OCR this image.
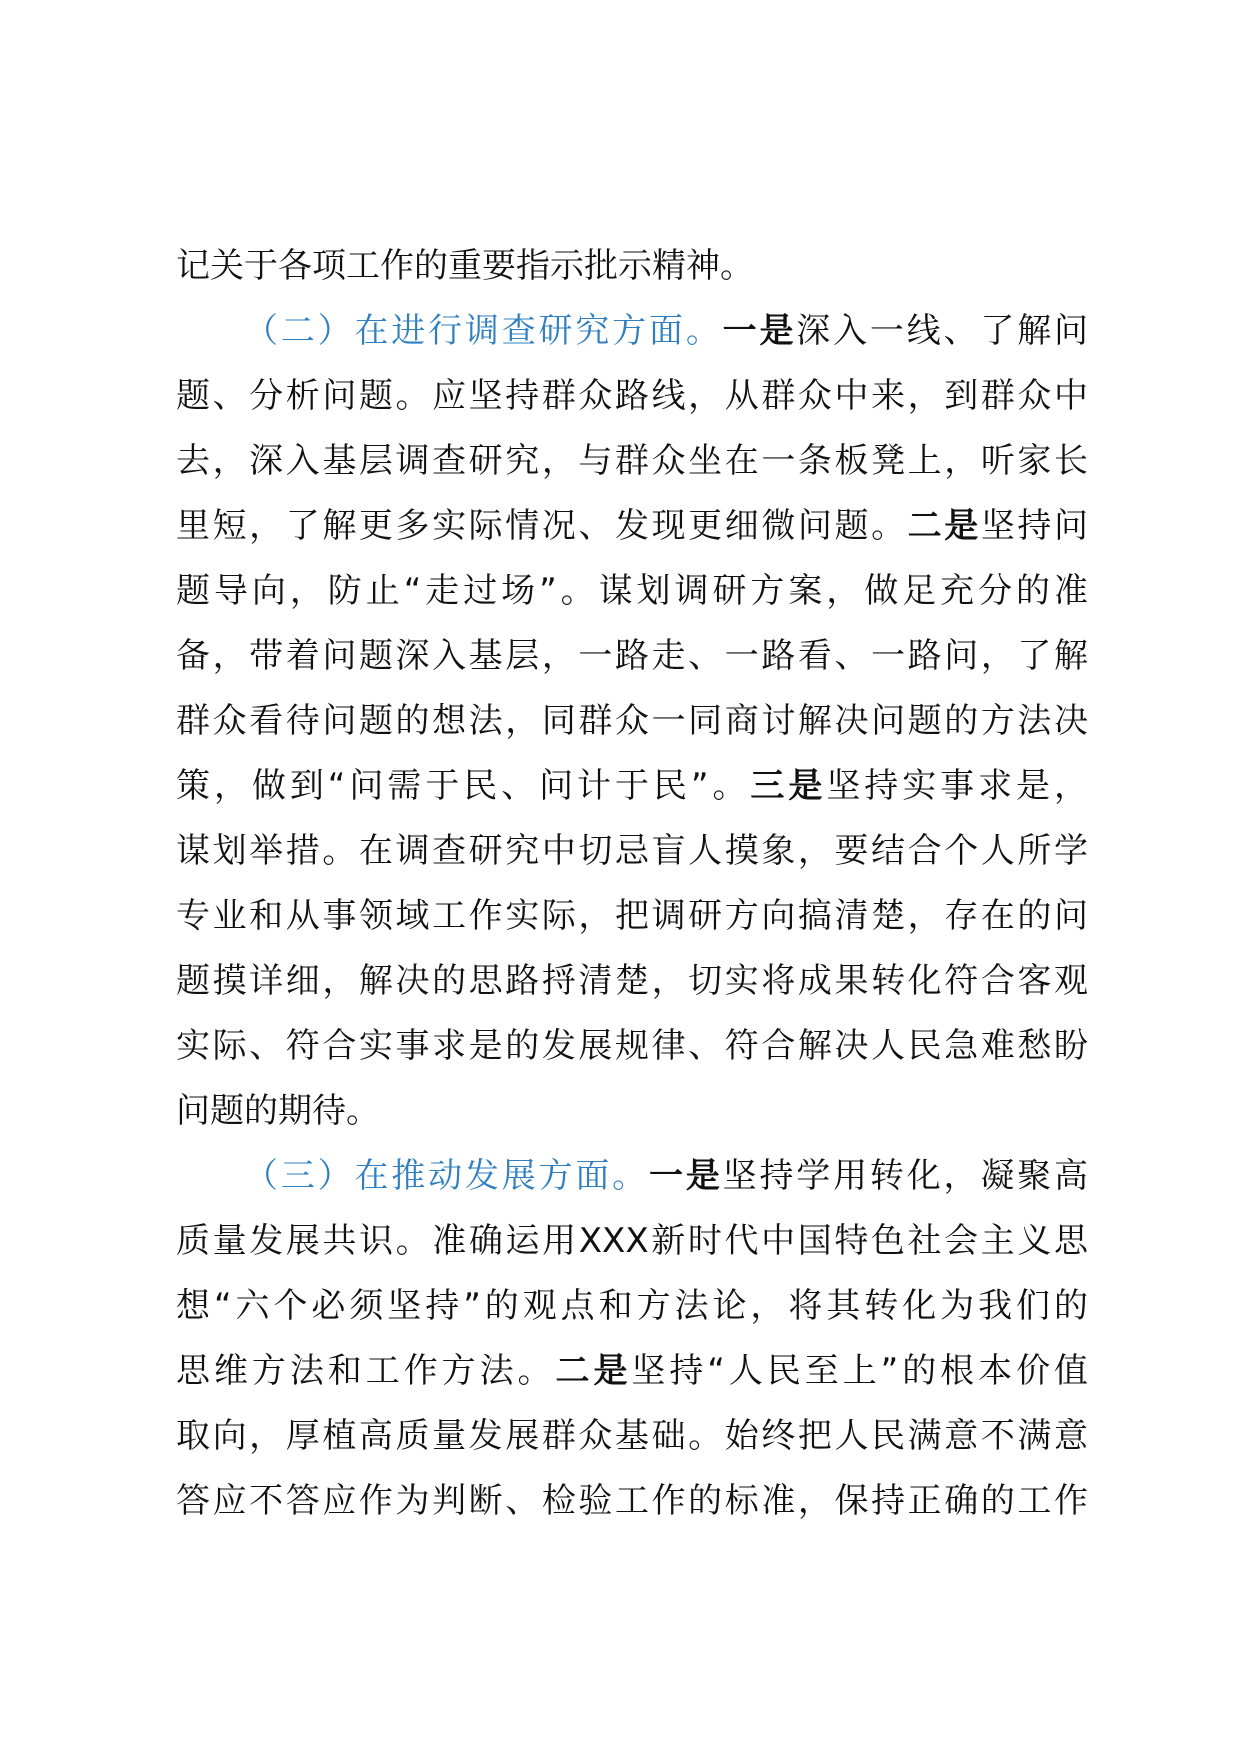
记关于各项工作的重要指示批示精神。
（二）在进行调查研究方面。一是深入一线、了解问
题、分析问题。应坚持群众路线，从群众中来，到群众中
去，深入基层调查研究，与群众坐在一条板凳上，听家长
里短，了解更多实际情况、发现更细微问题。二是坚持问
题导向，防止“走过场”。谋划调研方案，做足充分的准
备，带着问题深入基层，一路走、一路看、一路问，了解
群众看待问题的想法，同群众一同商讨解决问题的方法决
策，做到“问需于民、问计于民”。三是坚持实事求是，
谋划举措。在调查研究中切忌盲人摸象，要结合个人所学
专业和从事领域工作实际，把调研方向搞清楚，存在的问
题摸详细，解决的思路捋清楚，切实将成果转化符合客观
实际、符合实事求是的发展规律、符合解决人民急难愁盼
问题的期待。
（三）在推动发展方面。一是坚持学用转化，凝聚高
质量发展共识。准确运用XXX新时代中国特色社会主义思
想“六个必须坚持”的观点和方法论，将其转化为我们的
思维方法和工作方法。二是坚持“人民至上”的根本价值
取向，厚植高质量发展群众基础。始终把人民满意不满意
答应不答应作为判断、检验工作的标准，保持正确的工作
